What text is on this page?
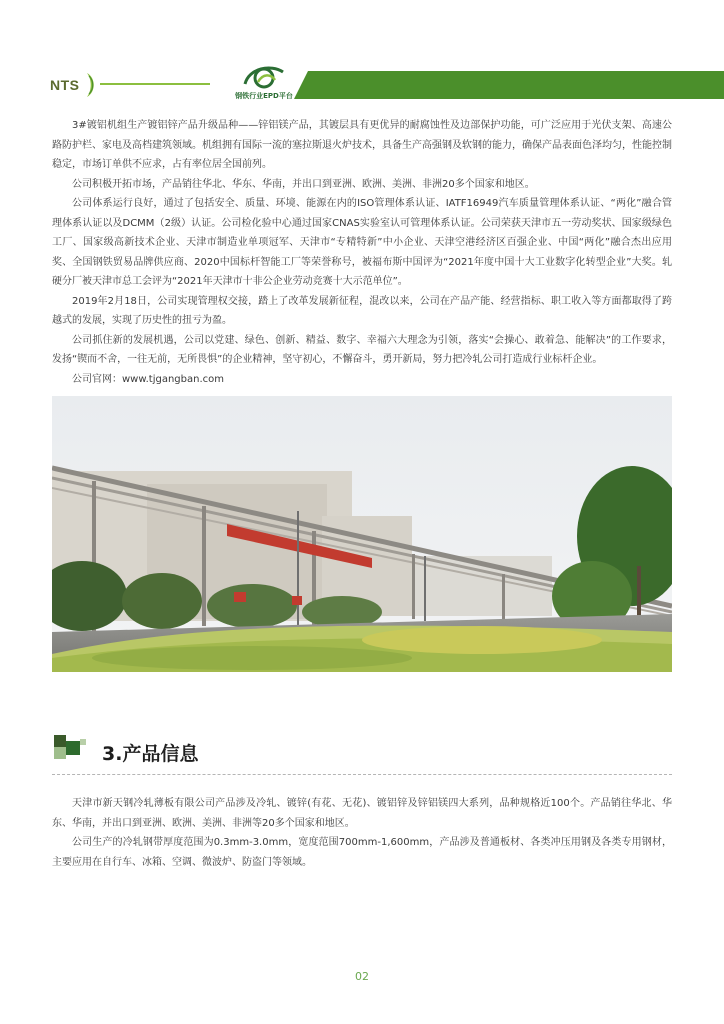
NTS
钢铁行业EPD平台

3#镀铝机组生产镀铝锌产品升级品种——锌铝镁产品，其镀层具有更优异的耐腐蚀性及边部保护功能，可广泛应用于光伏支架、高速公路防护栏、家电及高档建筑领域。机组拥有国际一流的塞拉斯退火炉技术，具备生产高强钢及软钢的能力，确保产品表面色泽均匀，性能控制稳定，市场订单供不应求，占有率位居全国前列。

公司积极开拓市场，产品销往华北、华东、华南，并出口到亚洲、欧洲、美洲、非洲20多个国家和地区。

公司体系运行良好，通过了包括安全、质量、环境、能源在内的ISO管理体系认证、IATF16949汽车质量管理体系认证、“两化”融合管理体系认证以及DCMM（2级）认证。公司检化验中心通过国家CNAS实验室认可管理体系认证。公司荣获天津市五一劳动奖状、国家级绿色工厂、国家级高新技术企业、天津市制造业单项冠军、天津市“专精特新”中小企业、天津空港经济区百强企业、中国“两化”融合杰出应用奖、全国钢铁贸易品牌供应商、2020中国标杆智能工厂等荣誉称号，被福布斯中国评为“2021年度中国十大工业数字化转型企业”大奖。轧硬分厂被天津市总工会评为“2021年天津市十非公企业劳动竞赛十大示范单位”。

2019年2月18日，公司实现管理权交接，踏上了改革发展新征程，混改以来，公司在产品产能、经营指标、职工收入等方面都取得了跨越式的发展，实现了历史性的扭亏为盈。

公司抓住新的发展机遇，公司以党建、绿色、创新、精益、数字、幸福六大理念为引领，落实“会操心、敢着急、能解决”的工作要求，发扬“锲而不舍，一往无前，无所畏惧”的企业精神，坚守初心，不懈奋斗，勇开新局，努力把冷轧公司打造成行业标杆企业。

公司官网：www.tjgangban.com

3.产品信息

天津市新天钢冷轧薄板有限公司产品涉及冷轧、镀锌(有花、无花)、镀铝锌及锌铝镁四大系列，品种规格近100个。产品销往华北、华东、华南，并出口到亚洲、欧洲、美洲、非洲等20多个国家和地区。

公司生产的冷轧钢带厚度范围为0.3mm-3.0mm，宽度范围700mm-1,600mm，产品涉及普通板材、各类冲压用钢及各类专用钢材，主要应用在自行车、冰箱、空调、微波炉、防盗门等领域。

02
